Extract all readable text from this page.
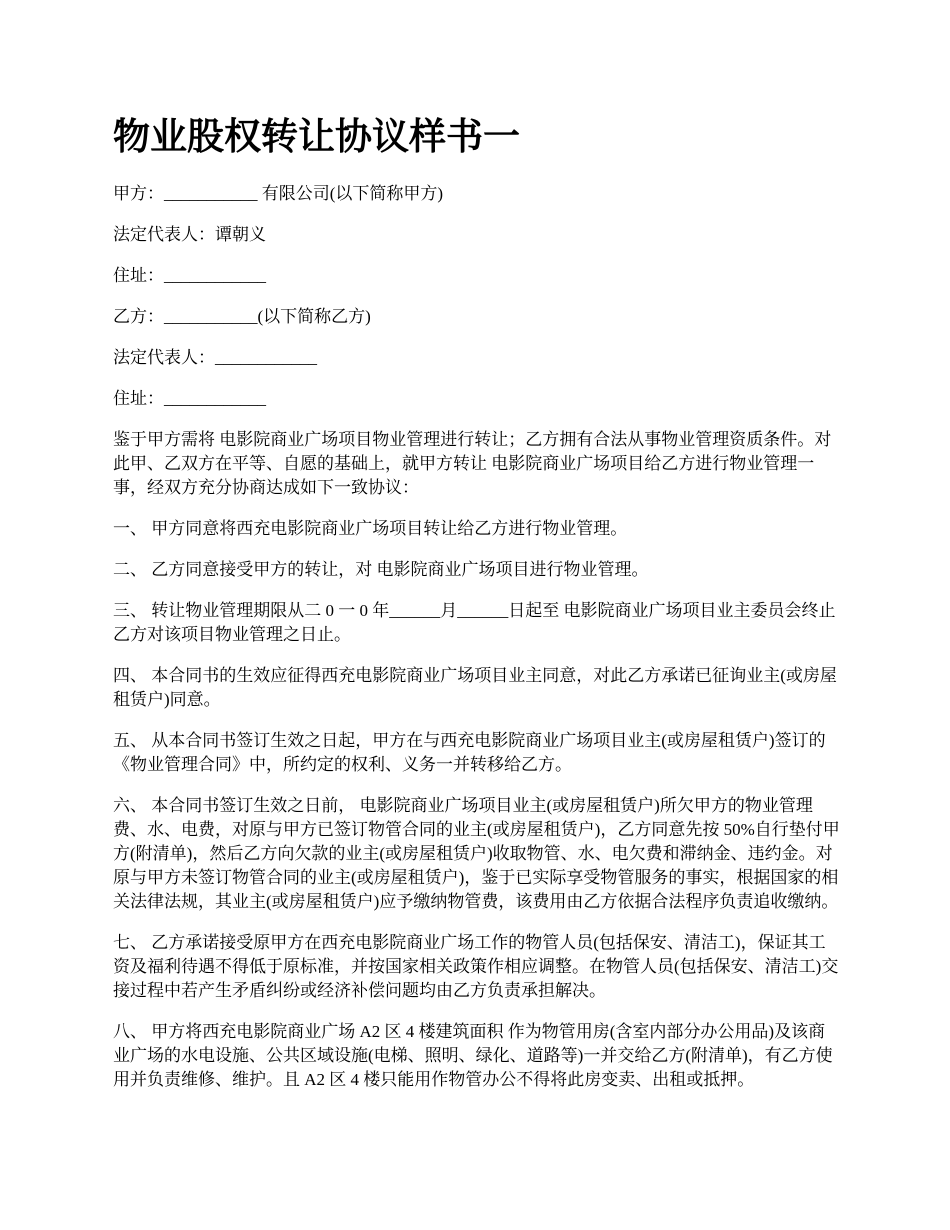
物业股权转让协议样书一

甲方：___________ 有限公司(以下简称甲方)

法定代表人：谭朝义

住址：____________

乙方：___________(以下简称乙方)

法定代表人：____________

住址：____________

鉴于甲方需将 电影院商业广场项目物业管理进行转让；乙方拥有合法从事物业管理资质条件。对此甲、乙双方在平等、自愿的基础上，就甲方转让 电影院商业广场项目给乙方进行物业管理一事，经双方充分协商达成如下一致协议：

一、 甲方同意将西充电影院商业广场项目转让给乙方进行物业管理。

二、 乙方同意接受甲方的转让，对 电影院商业广场项目进行物业管理。

三、 转让物业管理期限从二 0 一 0 年______月______日起至 电影院商业广场项目业主委员会终止乙方对该项目物业管理之日止。

四、 本合同书的生效应征得西充电影院商业广场项目业主同意，对此乙方承诺已征询业主(或房屋租赁户)同意。

五、 从本合同书签订生效之日起，甲方在与西充电影院商业广场项目业主(或房屋租赁户)签订的《物业管理合同》中，所约定的权利、义务一并转移给乙方。

六、 本合同书签订生效之日前， 电影院商业广场项目业主(或房屋租赁户)所欠甲方的物业管理费、水、电费，对原与甲方已签订物管合同的业主(或房屋租赁户)，乙方同意先按 50%自行垫付甲方(附清单)，然后乙方向欠款的业主(或房屋租赁户)收取物管、水、电欠费和滞纳金、违约金。对原与甲方未签订物管合同的业主(或房屋租赁户)，鉴于已实际享受物管服务的事实，根据国家的相关法律法规，其业主(或房屋租赁户)应予缴纳物管费，该费用由乙方依据合法程序负责追收缴纳。

七、 乙方承诺接受原甲方在西充电影院商业广场工作的物管人员(包括保安、清洁工)，保证其工资及福利待遇不得低于原标准，并按国家相关政策作相应调整。在物管人员(包括保安、清洁工)交接过程中若产生矛盾纠纷或经济补偿问题均由乙方负责承担解决。

八、 甲方将西充电影院商业广场 A2 区 4 楼建筑面积 作为物管用房(含室内部分办公用品)及该商业广场的水电设施、公共区域设施(电梯、照明、绿化、道路等)一并交给乙方(附清单)，有乙方使用并负责维修、维护。且 A2 区 4 楼只能用作物管办公不得将此房变卖、出租或抵押。
